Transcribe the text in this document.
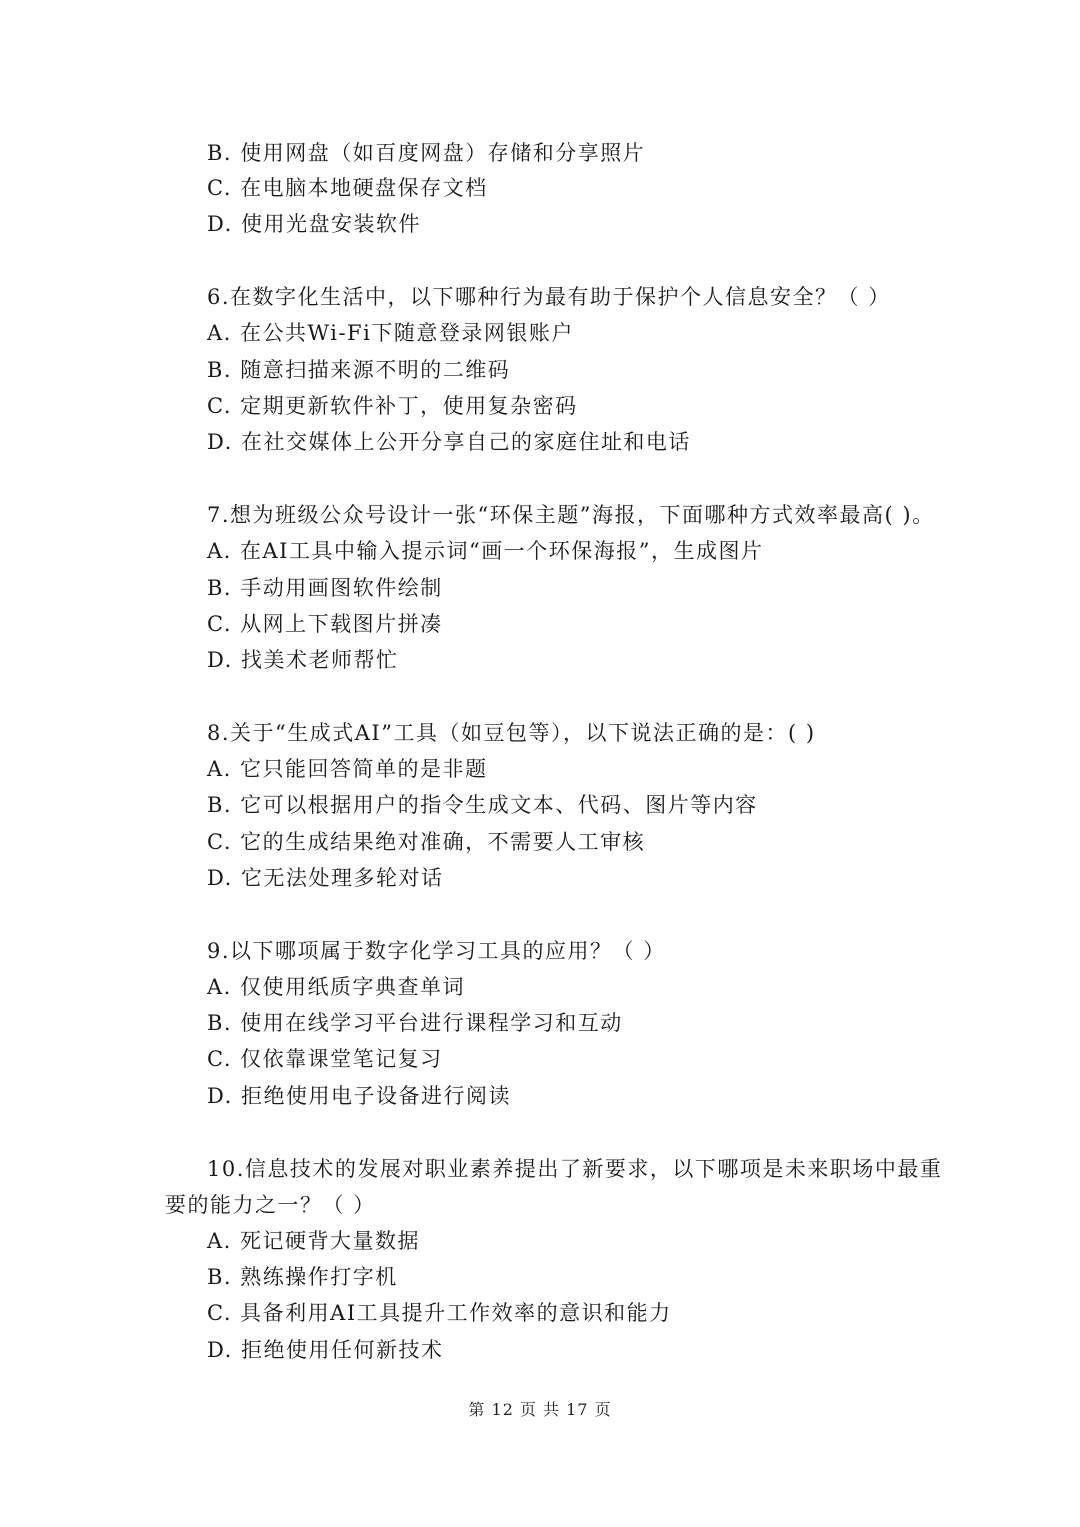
B. 使用网盘（如百度网盘）存储和分享照片
C. 在电脑本地硬盘保存文档
D. 使用光盘安装软件
6.在数字化生活中，以下哪种行为最有助于保护个人信息安全？（ ）
A. 在公共Wi-Fi下随意登录网银账户
B. 随意扫描来源不明的二维码
C. 定期更新软件补丁，使用复杂密码
D. 在社交媒体上公开分享自己的家庭住址和电话
7.想为班级公众号设计一张“环保主题”海报，下面哪种方式效率最高( )。
A. 在AI工具中输入提示词“画一个环保海报”，生成图片
B. 手动用画图软件绘制
C. 从网上下载图片拼凑
D. 找美术老师帮忙
8.关于“生成式AI”工具（如豆包等），以下说法正确的是：( )
A. 它只能回答简单的是非题
B. 它可以根据用户的指令生成文本、代码、图片等内容
C. 它的生成结果绝对准确，不需要人工审核
D. 它无法处理多轮对话
9.以下哪项属于数字化学习工具的应用？（ ）
A. 仅使用纸质字典查单词
B. 使用在线学习平台进行课程学习和互动
C. 仅依靠课堂笔记复习
D. 拒绝使用电子设备进行阅读
10.信息技术的发展对职业素养提出了新要求，以下哪项是未来职场中最重
要的能力之一？（ ）
A. 死记硬背大量数据
B. 熟练操作打字机
C. 具备利用AI工具提升工作效率的意识和能力
D. 拒绝使用任何新技术
第 12 页 共 17 页
